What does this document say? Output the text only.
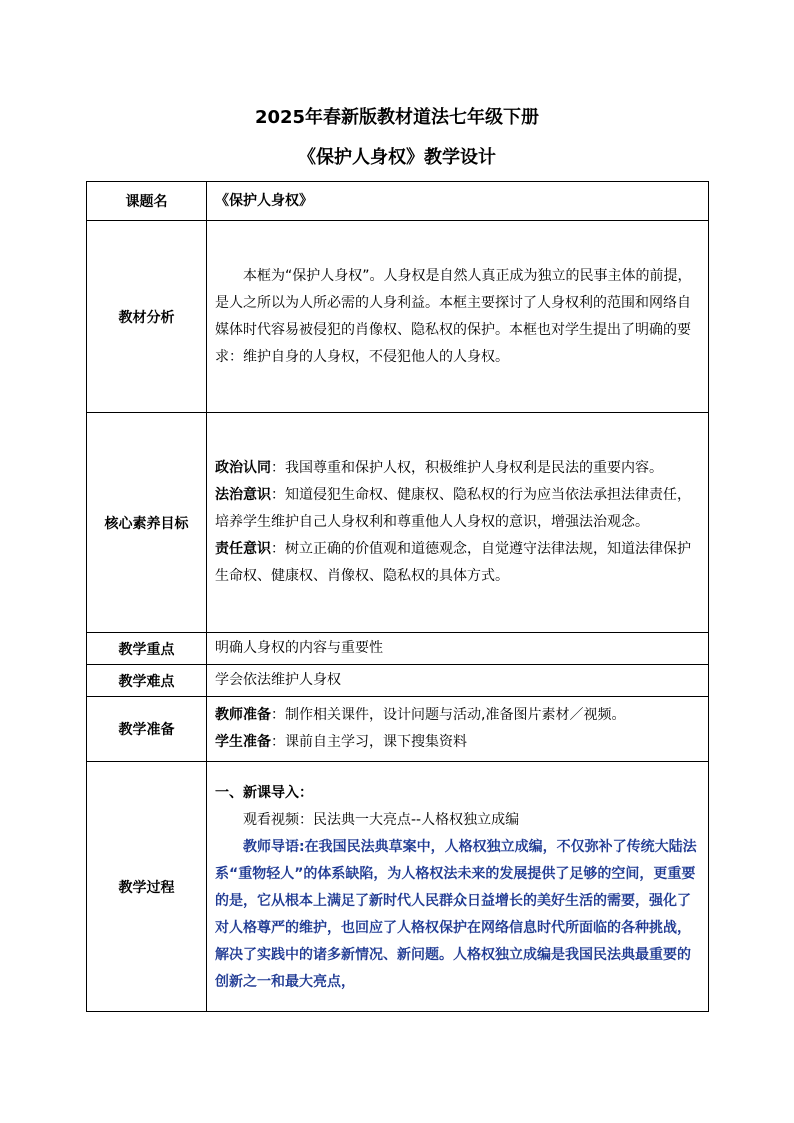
2025年春新版教材道法七年级下册
《保护人身权》教学设计
课题名	《保护人身权》
教材分析	本框为“保护人身权”。人身权是自然人真正成为独立的民事主体的前提，是人之所以为人所必需的人身利益。本框主要探讨了人身权利的范围和网络自媒体时代容易被侵犯的肖像权、隐私权的保护。本框也对学生提出了明确的要求：维护自身的人身权，不侵犯他人的人身权。

核心素养目标	政治认同：我国尊重和保护人权，积极维护人身权利是民法的重要内容。

法治意识：知道侵犯生命权、健康权、隐私权的行为应当依法承担法律责任，培养学生维护自己人身权利和尊重他人人身权的意识，增强法治观念。

责任意识：树立正确的价值观和道德观念，自觉遵守法律法规，知道法律保护生命权、健康权、肖像权、隐私权的具体方式。

教学重点	明确人身权的内容与重要性
教学难点	学会依法维护人身权
教学准备	教师准备：制作相关课件，设计问题与活动,准备图片素材／视频。

学生准备：课前自主学习，课下搜集资料

教学过程	一、新课导入：

观看视频：民法典一大亮点--人格权独立成编

教师导语:在我国民法典草案中，人格权独立成编，不仅弥补了传统大陆法系“重物轻人”的体系缺陷，为人格权法未来的发展提供了足够的空间，更重要的是，它从根本上满足了新时代人民群众日益增长的美好生活的需要，强化了对人格尊严的维护，也回应了人格权保护在网络信息时代所面临的各种挑战，解决了实践中的诸多新情况、新问题。人格权独立成编是我国民法典最重要的创新之一和最大亮点，
